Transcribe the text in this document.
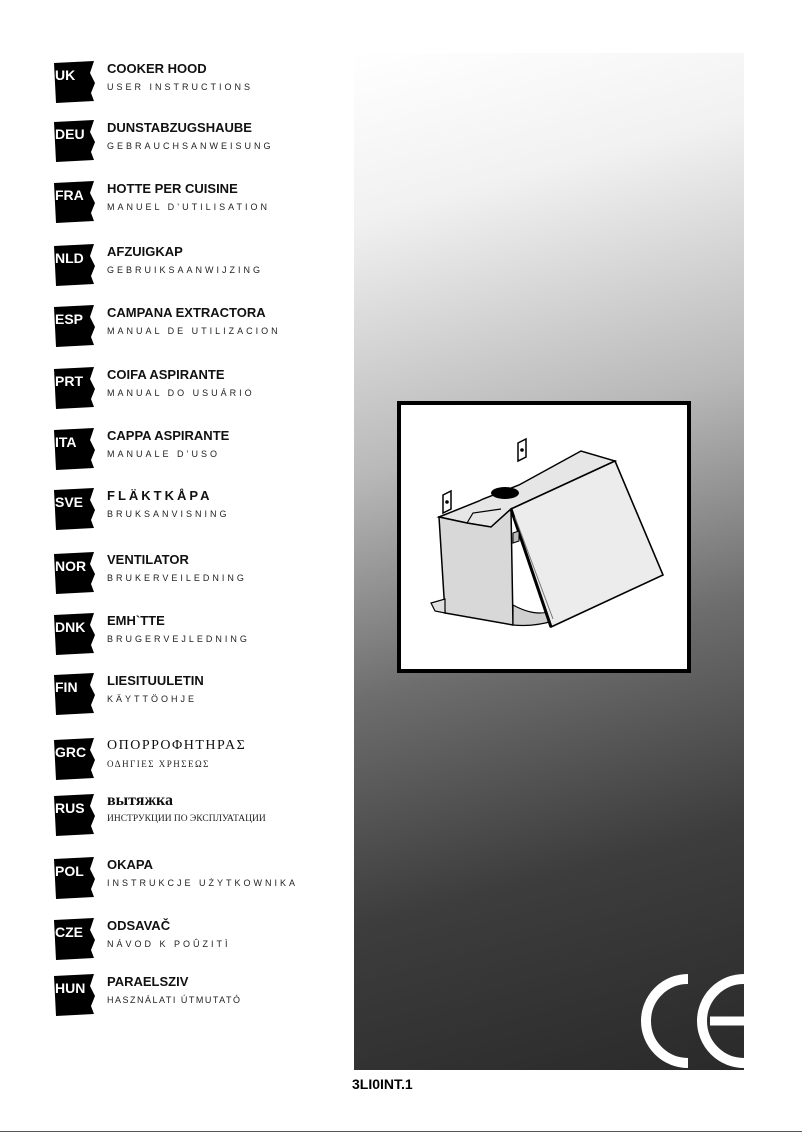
UK	COOKER HOOD
USER INSTRUCTIONS
DEU	DUNSTABZUGSHAUBE
GEBRAUCHSANWEISUNG
FRA	HOTTE PER CUISINE
MANUEL D’UTILISATION
NLD	AFZUIGKAP
GEBRUIKSAANWIJZING
ESP	CAMPANA EXTRACTORA
MANUAL DE UTILIZACION
PRT	COIFA ASPIRANTE
MANUAL DO USUÁRIO
ITA	CAPPA ASPIRANTE
MANUALE D’USO
SVE	FLÄKTKÅPA
BRUKSANVISNING
NOR	VENTILATOR
BRUKERVEILEDNING
DNK	EMH`TTE
BRUGERVEJLEDNING
FIN	LIESITUULETIN
KÄYTTÖOHJE
GRC	ΟΠΟΡΡΟΦΗΤΗΡΑΣ
ΟΔΗΓΙΕΣ ΧΡΗΣΕΩΣ
RUS	вытяжка
ИНСТРУКЦИИ ПО ЭКСПЛУАТАЦИИ
POL	OKAPA
INSTRUKCJE UŻYTKOWNIKA
CZE	ODSAVAČ
NÁVOD K POÛZITÌ
HUN	PARAELSZIV
HASZNÁLATI ÚTMUTATÓ
3LI0INT.1
